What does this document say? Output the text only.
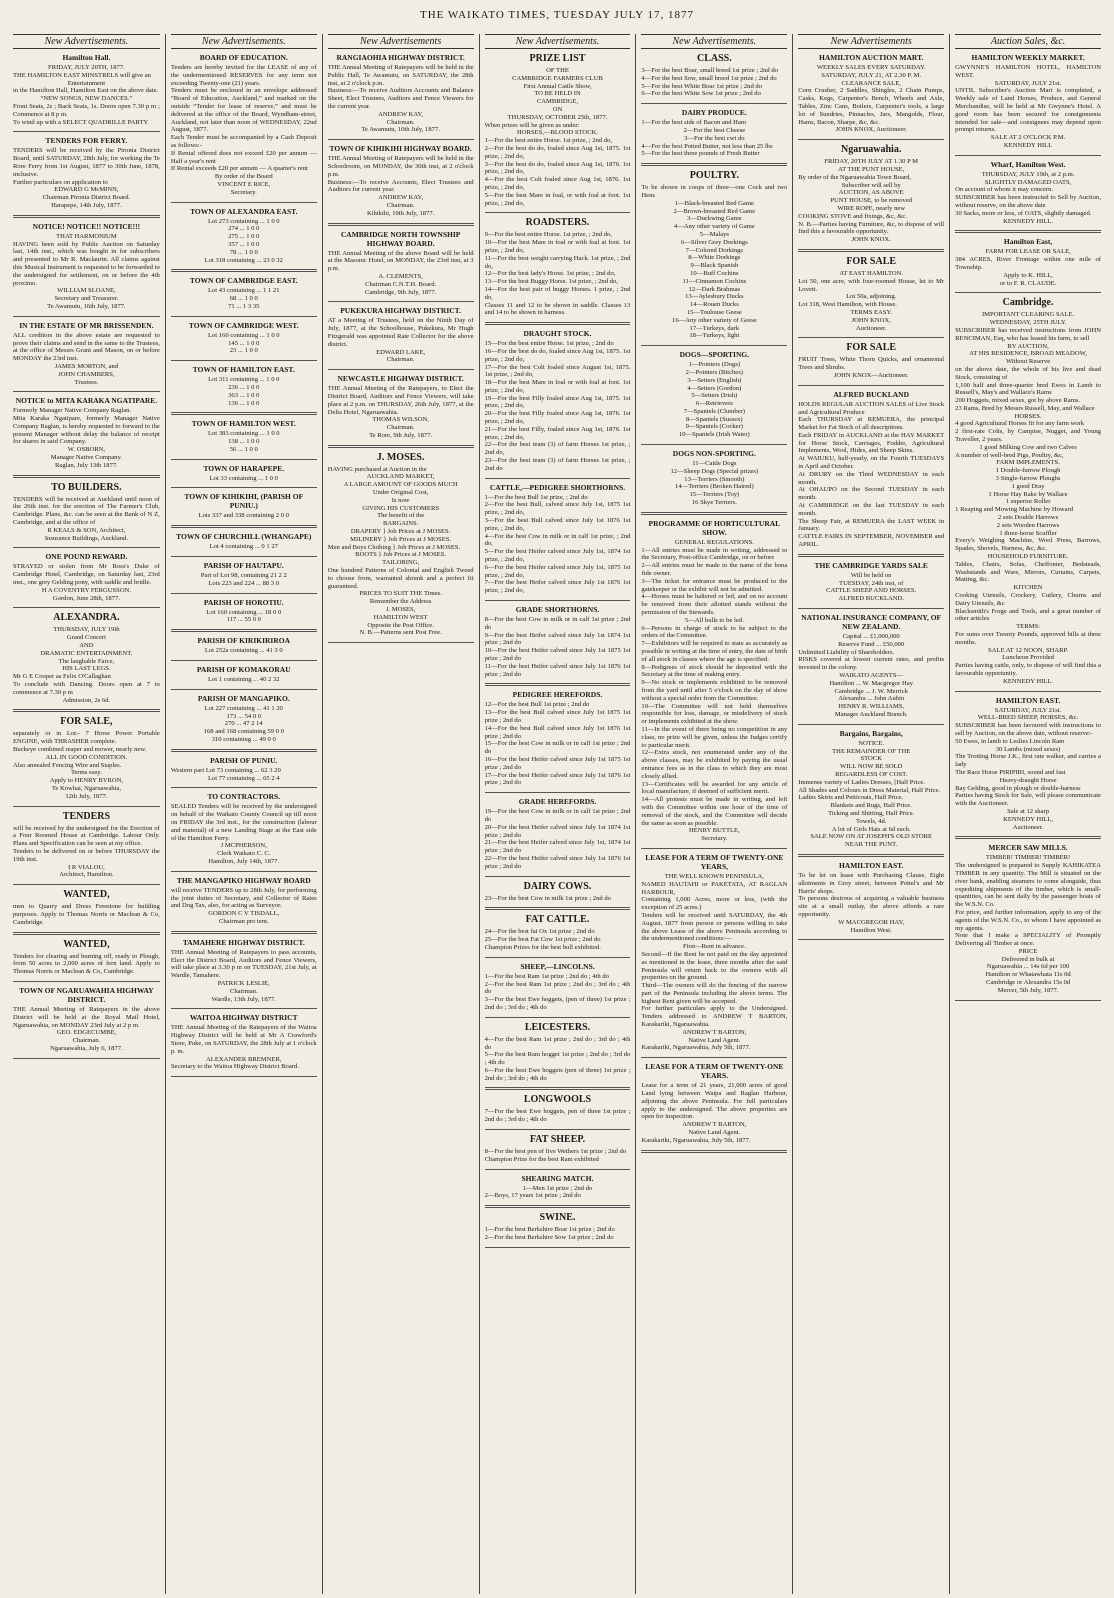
THE WAIKATO TIMES, TUESDAY JULY 17, 1877
New Advertisements.
Hamilton Hall.
FRIDAY, JULY 20TH, 1877.
THE HAMILTON EAST MINSTRELS will give an
Entertainment
in the Hamilton Hall, Hamilton East on the above date.
“NEW SONGS, NEW DANCES.”
Front Seats, 2s ; Back Seats, 1s. Doors open 7.30 p m ; Commence at 8 p m.
To wind up with a SELECT QUADRILLE PARTY
TENDERS FOR FERRY.
TENDERS will be received by the Pironia District Board, until SATURDAY, 28th July, for working the Te Rore Ferry from 1st August, 1877 to 30th June, 1878, inclusive.
Further particulars on application to
EDWARD G McMINN,
Chairman Pironia District Board.
Harapepe, 14th July, 1877.
NOTICE! NOTICE!! NOTICE!!!
THAT HARMONIUM
HAVING been sold by Public Auction on Saturday last, 14th inst., which was bought in for subscribers and presented to Mr R. Maclaurin. All claims against this Musical Instrument is requested to be forwarded to the undersigned for settlement, on or before the 4th proximo.
WILLIAM SLOANE,
Secretary and Treasurer.
Te Awamutu, 16th July, 1877.
IN THE ESTATE OF MR BRISSENDEN.
ALL creditors in the above estate are requested to prove their claims and send in the same to the Trustees, at the office of Messrs Grant and Mason, on or before MONDAY the 23rd inst.
JAMES MORTON, and
JOHN CHAMBERS,
Trustees.
NOTICE to MITA KARAKA NGATIPARE.
Formerly Manager Native Company Raglan.
Mita Karaka Ngatipare, formerly Manager Native Company Raglan, is hereby requested to forward to the present Manager without delay the balance of receipt for shares in said Company.
W. OSBORN,
Manager Native Company.
Raglan, July 13th 1877.
TO BUILDERS.
TENDERS will be received at Auckland until noon of the 26th inst. for the erection of The Farmer's Club, Cambridge. Plans, &c. can be seen at the Bank of N Z, Cambridge, and at the office of
R KEALS & SON, Architect,
Insurance Buildings, Auckland.
ONE POUND REWARD.
STRAYED or stolen from Mr Ross's Duke of Cambridge Hotel, Cambridge, on Saturday last, 23rd inst., one grey Gelding pony, with saddle and bridle.
H A COVENTRY FERGUSSON.
Gordon, June 28th, 1877.
ALEXANDRA.
THURSDAY, JULY 19th
Grand Concert
AND
DRAMATIC ENTERTAINMENT.
The laughable Farce,
HIS LAST LEGS.
Mr G E Cooper as Felix O'Callaghan
To conclude with Dancing. Doors open at 7 to commence at 7.30 p m
Admission, 2s 6d.
FOR SALE,
separately or in Lot:- 7 Horse Power Portable ENGINE, with THRASHER complete.
Buckeye combined reaper and mower, nearly new.
ALL IN GOOD CONDITION.
Also annealed Fencing Wire and Staples.
Terms easy.
Apply to HENRY BYRON,
Te Kowhai, Ngaruawahia,
12th July, 1877.
TENDERS
will be received by the undersigned for the Erection of a Four Roomed House at Cambridge. Labour Only. Plans and Specification can be seen at my office.
Tenders to be delivered on or before THURSDAY the 19th inst.
I R VIALOU,
Architect, Hamilton.
WANTED,
men to Quarry and Dress Freestone for building purposes. Apply to Thomas Norris or Maclean & Co, Cambridge.
WANTED,
Tenders for clearing and burning off, ready to Plough, from 50 acres to 2,000 acres of fern land. Apply to Thomas Norris or Maclean & Co, Cambridge.
TOWN OF NGARUAWAHIA HIGHWAY DISTRICT.
THE Annual Meeting of Ratepayers in the above District will be held at the Royal Mail Hotel, Ngaruawahia, on MONDAY 23rd July at 2 p m.
GEO. EDGECUMBE,
Chairman.
Ngaruawahia, July 6, 1877.
New Advertisements.
BOARD OF EDUCATION.
Tenders are hereby invited for the LEASE of any of the undermentioned RESERVES for any term not exceeding Twenty-one (21) years.
Tenders must be enclosed in an envelope addressed “Board of Education, Auckland,” and marked on the outside “Tender for lease of reserve,” and must be delivered at the office of the Board, Wyndham-street, Auckland, not later than noon of WEDNESDAY, 22nd August, 1877.
Each Tender must be accompanied by a Cash Deposit as follows:-
If Rental offered does not exceed £20 per annum — Half a year's rent
If Rental exceeds £20 per annum — A quarter's rent
By order of the Board
VINCENT E RICE,
Secretary.
TOWN OF ALEXANDRA EAST.
Lot 273 containing ... 1 0 0
274 ... 1 0 0
275 ... 1 0 0
357 ... 1 0 0
78 ... 1 0 0
Lot 318 containing ... 23 0 32
TOWN OF CAMBRIDGE EAST.
Lot 43 containing ... 1 1 21
68 ... 1 0 0
71 ... 1 3 35
TOWN OF CAMBRIDGE WEST.
Lot 160 containing ... 1 0 0
145 ... 1 0 0
23 ... 1 0 0
TOWN OF HAMILTON EAST.
Lot 311 containing ... 1 0 0
236 ... 1 0 0
363 ... 1 0 0
136 ... 1 0 0
TOWN OF HAMILTON WEST.
Lot 383 containing ... 1 0 0
138 ... 1 0 0
56 ... 1 0 0
TOWN OF HARAPEPE.
Lot 33 containing ... 1 0 0
TOWN OF KIHIKIHI, (PARISH OF PUNIU.)
Lots 337 and 338 containing 2 0 0
TOWN OF CHURCHILL (WHANGAPE)
Lot 4 containing ... 0 1 27
PARISH OF HAUTAPU.
Part of Lot 98, containing 21 2 2
Lots 223 and 224 ... 88 3 0
PARISH OF HOROTIU.
Lot 160 containing ... 18 0 0
117 ... 55 0 0
PARISH OF KIRIKIRIROA
Lot 252a containing ... 41 3 0
PARISH OF KOMAKORAU
Lot 1 containing ... 40 2 32
PARISH OF MANGAPIKO.
Lot 227 containing ... 41 1 20
173 ... 54 0 0
270 ... 47 2 14
168 and 168 containing 59 0 0
310 containing ... 49 0 0
PARISH OF PUNIU.
Western part Lot 73 containing ... 62 3 20
Lot 77 containing ... 65 2 4
TO CONTRACTORS.
SEALED Tenders will be received by the undersigned on behalf of the Waikato County Council up till noon on FRIDAY the 3rd inst., for the construction (labour and material) of a new Landing Stage at the East side of the Hamilton Ferry.
J MCPHERSON,
Clerk Waikato C. C.
Hamilton, July 14th, 1877.
THE MANGAPIKO HIGHWAY BOARD
will receive TENDERS up to 28th July, for performing the joint duties of Secretary, and Collector of Rates and Dog Tax, also, for acting as Surveyor.
GORDON C V TISDALL,
Chairman pro tem.
TAMAHERE HIGHWAY DISTRICT.
THE Annual Meeting of Ratepayers to pass accounts, Elect the District Board, Auditors and Fence Viewers, will take place at 3.30 p m on TUESDAY, 21st July, at Wardle, Tamahere.
PATRICK LESLIE,
Chairman.
Wardle, 13th July, 1877.
WAITOA HIGHWAY DISTRICT
THE Annual Meeting of the Ratepayers of the Waitoa Highway District will be held at Mr A Crawford's Store, Puke, on SATURDAY, the 28th July at 1 o'clock p. m.
ALEXANDER BREMNER,
Secretary to the Waitoa Highway District Board.
New Advertisements
RANGIAOHIA HIGHWAY DISTRICT.
THE Annual Meeting of Ratepayers will be held in the Public Hall, Te Awamutu, on SATURDAY, the 28th inst, at 2 o'clock p.m.
Business:—To receive Auditors Accounts and Balance Sheet, Elect Trustees, Auditors and Fence Viewers for the current year.
ANDREW KAY,
Chairman.
Te Awamutu, 10th July, 1877.
TOWN OF KIHIKIHI HIGHWAY BOARD.
THE Annual Meeting of Ratepayers will be held in the Schoolroom, on MONDAY, the 30th inst, at 2 o'clock p.m.
Business:—To receive Accounts, Elect Trustees and Auditors for current year.
ANDREW KAY,
Chairman.
Kihikihi, 10th July, 1877.
CAMBRIDGE NORTH TOWNSHIP HIGHWAY BOARD.
THE Annual Meeting of the above Board will be held at the Masonic Hotel, on MONDAY, the 23rd inst, at 3 p.m.
A. CLEMENTS,
Chairman C.N.T.H. Board.
Cambridge, 9th July, 1877.
PUKEKURA HIGHWAY DISTRICT.
AT a Meeting of Trustees, held on the Ninth Day of July, 1877, at the Schoolhouse, Pukekura, Mr Hugh Fitzgerald was appointed Rate Collector for the above district.
EDWARD LAKE,
Chairman.
NEWCASTLE HIGHWAY DISTRICT.
THE Annual Meeting of the Ratepayers, to Elect the District Board, Auditors and Fence Viewers, will take place at 2 p.m. on THURSDAY, 26th July, 1877, at the Delta Hotel, Ngaruawahia.
THOMAS WILSON,
Chairman.
Te Rore, 9th July, 1877.
J. MOSES.
HAVING purchased at Auction in the
AUCKLAND MARKET,
A LARGE AMOUNT OF GOODS MUCH
Under Original Cost,
Is now
GIVING HIS CUSTOMERS
The benefit of the
BARGAINS.
DRAPERY } Job Prices at J MOSES.
MILINERY } Job Prices at J MOSES.
Men and Boys Clothing } Job Prices at J MOSES.
BOOTS } Job Prices at J MOSES.
TAILORING,
One hundred Patterns of Colonial and English Tweed to choose from, warranted shrunk and a perfect fit guaranteed.
PRICES TO SUIT THE Times.
Remember the Address
J. MOSES,
HAMILTON WEST
Opposite the Post Office.
N. B.—Patterns sent Post Free.
New Advertisements.
PRIZE LIST
OF THE
CAMBRIDGE FARMERS CLUB
First Annual Cattle Show,
TO BE HELD IN
CAMBRIDGE,
ON
THURSDAY, OCTOBER 25th, 1877.
When prizes will be given as under:
HORSES,—BLOOD STOCK.
1—For the best entire Horse. 1st prize, ; 2nd do,
2—For the best do do, foaled since Aug 1st, 1875. 1st prize, ; 2nd do,
3—For the best do do, foaled since Aug 1st, 1876. 1st prize, ; 2nd do,
4—For the best Colt foaled since Aug 1st, 1876. 1st prize, ; 2nd do,
5—For the best Mare in foal, or with foal at foot. 1st prize, ; 2nd do,
ROADSTERS.
9—For the best entire Horse. 1st prize, ; 2nd do,
10—For the best Mare in foal or with foal at foot. 1st prize, ; 2nd do,
11—For the best weight carrying Hack. 1st prize, ; 2nd do,
12—For the best lady's Horse. 1st prize, ; 2nd do,
13—For the best Buggy Horse. 1st prize, ; 2nd do,
14—For the best pair of buggy Horses. 1 prize, ; 2nd do,
Classes 11 and 12 to be shown in saddle. Classes 13 and 14 to be shown in harness.
DRAUGHT STOCK.
15—For the best entire Horse. 1st prize, ; 2nd do
16—For the best do do, foaled since Aug 1st, 1875. 1st prize, ; 2nd do,
17—For the best Colt foaled since August 1st, 1875. 1st prize, ; 2nd do,
18—For the best Mare in foal or with foal at foot. 1st prize, ; 2nd do,
19—For the best Filly foaled since Aug 1st, 1875. 1st prize, ; 2nd do,
20—For the best Filly foaled since Aug 1st, 1876. 1st prize, ; 2nd do,
21—For the best Filly, foaled since Aug 1st, 1876. 1st prize, ; 2nd do,
22—For the best team (3) of farm Horses 1st prize, ; 2nd do,
23—For the best team (3) of farm Horses 1st prize, ; 2nd do
CATTLE,—PEDIGREE SHORTHORNS.
1—For the best Bull 1st prize, ; 2nd do
2—For the best Bull, calved since July 1st, 1875 1st prize, ; 2nd do,
3—For the best Bull calved since July 1st 1876 1st prize, ; 2nd do,
4—For the best Cow in milk or in calf 1st prize, ; 2nd do,
5—For the best Heifer calved since July 1st, 1874 1st prize, ; 2nd do,
6—For the best Heifer calved since July 1st, 1875 1st prize, ; 2nd do,
7—For the best Heifer calved since July 1st 1876 1st prize, ; 2nd do,
GRADE SHORTHORNS.
8—For the best Cow in milk or in calf 1st prize ; 2nd do
9—For the best Heifer calved since July 1st 1874 1st prize ; 2nd do
10—For the best Heifer calved since July 1st 1875 1st prize ; 2nd do
11—For the best Heifer calved since July 1st 1876 1st prize ; 2nd do
PEDIGREE HEREFORDS.
12—For the best Bull 1st prize ; 2nd do
13—For the best Bull calved since July 1st 1875 1st prize ; 2nd do
14—For the best Bull calved since July 1st 1876 1st prize ; 2nd do
15—For the best Cow in milk or in calf 1st prize ; 2nd do
16—For the best Heifer calved since July 1st 1875 1st prize ; 2nd do
17—For the best Heifer calved since July 1st 1876 1st prize ; 2nd do
GRADE HEREFORDS.
19—For the best Cow in milk or in calf 1st prize ; 2nd do
20—For the best Heifer calved since July 1st 1874 1st prize ; 2nd do
21—For the best Heifer calved since July 1st, 1874 1st prize ; 2nd do
22—For the best Heifer calved since July 1st 1876 1st prize ; 2nd do
DAIRY COWS.
23—For the best Cow in milk 1st prize ; 2nd do
FAT CATTLE.
24—For the best fat Ox 1st prize ; 2nd do
25—For the best Fat Cow 1st prize ; 2nd do
Champion Prizes for the best bull exhibited.
SHEEP,—LINCOLNS.
1—For the best Ram 1st prize ; 2nd do ; 4th do
2—For the best Ram 1st prize ; 2nd do ; 3rd do ; 4th do
3—For the best Ewe hoggets, (pen of three) 1st prize ; 2nd do ; 3rd do ; 4th do
LEICESTERS.
4—For the best Ram 1st prize ; 2nd do ; 3rd do ; 4th do
5—For the best Ram hogget 1st prize ; 2nd do ; 3rd do ; 4th do
6—For the best Ewe hoggets (pen of three) 1st prize ; 2nd do ; 3rd do ; 4th do
LONGWOOLS
7—For the best Ewe hoggets, pen of three 1st prize ; 2nd do ; 3rd do ; 4th do
FAT SHEEP.
8—For the best pen of five Wethers 1st prize ; 2nd do
Champion Prize for the best Ram exhibited
SHEARING MATCH.
1—Men 1st prize ; 2nd do
2—Boys, 17 years 1st prize ; 2nd do
SWINE.
1—For the best Berkshire Boar 1st prize ; 2nd do
2—For the best Berkshire Sow 1st prize ; 2nd do
New Advertisements.
CLASS.
3—For the best Boar, small breed 1st prize ; 2nd do
4—For the best Sow, small breed 1st prize ; 2nd do
5—For the best White Boar 1st prize ; 2nd do
6—For the best White Sow 1st prize ; 2nd do
DAIRY PRODUCE.
1—For the best side of Bacon and Ham
2—For the best Cheese
3—For the best cwt do
4—For the best Potted Butter, not less than 25 lbs
5—For the best three pounds of Fresh Butter
POULTRY.
To be shown in coops of three—one Cock and two Hens
1—Black-breasted Red Game
2—Brown-breasted Red Game
3—Duckwing Game
4—Any other variety of Game
5—Malays
6—Silver Grey Dorkings
7—Colored Dorkings
8—White Dorkings
9—Black Spanish
10—Buff Cochins
11—Cinnamon Cochins
12—Dark Brahmas
13—Aylesbury Ducks
14—Rouen Ducks
15—Toulouse Geese
16—Any other variety of Geese
17—Turkeys, dark
18—Turkeys, light
DOGS—SPORTING.
1—Pointers (Dogs)
2—Pointers (Bitches)
3—Setters (English)
4—Setters (Gordon)
5—Setters (Irish)
6—Retrievers
7—Spaniels (Clumber)
8—Spaniels (Sussex)
9—Spaniels (Cocker)
10—Spaniels (Irish Water)
DOGS NON-SPORTING.
11—Cattle Dogs
12—Sheep Dogs (Special prizes)
13—Terriers (Smooth)
14—Terriers (Broken Haired)
15—Terriers (Toy)
16 Skye Terriers.
PROGRAMME OF HORTICULTURAL SHOW.
GENERAL REGULATIONS.
1—All entries must be made in writing, addressed to the Secretary, Post-office Cambridge, on or before
2—All entries must be made in the name of the bona fide owner.
3—The ticket for entrance must be produced to the gatekeeper or the exhibit will not be admitted.
4—Horses must be haltered or led, and on no account be removed from their allotted stands without the permission of the Stewards.
5—All bulls to be led.
6—Persons in charge of stock to be subject to the orders of the Committee.
7—Exhibitors will be required to state as accurately as possible in writing at the time of entry, the date of birth of all stock in classes where the age is specified.
8—Pedigrees of stock should be deposited with the Secretary at the time of making entry.
9—No stock or implements exhibited to be removed from the yard until after 5 o'clock on the day of show without a special order from the Committee.
10—The Committee will not hold themselves responsible for loss, damage, or misdelivery of stock or implements exhibited at the show.
11—In the event of there being no competition in any class, no prize will be given, unless the Judges certify to particular merit.
12—Extra stock, not enumerated under any of the above classes, may be exhibited by paying the usual entrance fees as in the class to which they are most closely allied.
13—Certificates will be awarded for any article of local manufacture, if deemed of sufficient merit.
14—All protests must be made in writing, and left with the Committee within one hour of the time of removal of the stock, and the Committee will decide the same as soon as possible.
HENRY BUTTLE,
Secretary.
LEASE FOR A TERM OF TWENTY-ONE YEARS,
THE WELL KNOWN PENINSULA,
NAMED HAUTAHI or PAKETATA, AT RAGLAN HARBOUR,
Containing 1,000 Acres, more or less, (with the exception of 25 acres.)
Tenders will be received until SATURDAY, the 4th August, 1877 from person or persons willing to take the above Lease of the above Peninsula according to the undermentioned conditions:—
First—Rent in advance.
Second—If the Rent be not paid on the day appointed as mentioned in the lease, three months after the said Peninsula will return back to the owners with all properties on the ground.
Third—The owners will do the fencing of the narrow part of the Peninsula including the above terms. The highest Rent given will be accepted.
For further particulars apply to the Undersigned. Tenders addressed to ANDREW T BARTON, Karakariki, Ngaruawahia.
ANDREW T BARTON,
Native Land Agent.
Karakariki, Ngaruawahia, July 5th, 1877.
LEASE FOR A TERM OF TWENTY-ONE YEARS.
Lease for a term of 21 years, 21,000 acres of good Land lying between Waipa and Raglan Harbour, adjoining the above Peninsula. For full particulars apply to the undersigned. The above properties are open for inspection.
ANDREW T BARTON,
Native Land Agent.
Karakariki, Ngaruawahia, July 5th, 1877.
New Advertisements
HAMILTON AUCTION MART.
WEEKLY SALES EVERY SATURDAY.
SATURDAY, JULY 21, AT 2.30 P. M.
CLEARANCE SALE,
Corn Crusher, 2 Saddles, Shingles, 2 Chain Pumps, Casks, Kegs, Carpenter's Bench, Wheels and Axle, Tables, Zinc Cans, Boilers, Carpenter's tools, a large lot of Sundries, Pinnacles, Jars, Mangolds, Flour, Hams, Bacon, Sharpe, &c, &c.
JOHN KNOX, Auctioneer.
Ngaruawahia.
FRIDAY, 20TH JULY AT 1.30 P M
AT THE PUNT HOUSE,
By order of the Ngaruawahia Town Board,
Subscriber will sell by
AUCTION, AS ABOVE
PUNT HOUSE, to be removed
WIRE ROPE, nearly new
COOKING STOVE and fixings, &c, &c.
N. B.—Parties having Furniture, &c, to dispose of will find this a favourable opportunity.
JOHN KNOX.
FOR SALE
AT EAST HAMILTON.
Lot 50, one acre, with four-roomed House, let to Mr Lovett.
Lot 50a, adjoining.
Lot 318, West Hamilton, with House.
TERMS EASY.
JOHN KNOX,
Auctioneer.
FOR SALE
FRUIT Trees, White Thorn Quicks, and ornamental Trees and Shrubs.
JOHN KNOX—Auctioneer.
ALFRED BUCKLAND
HOLDS REGULAR AUCTION SALES of Live Stock and Agricultural Produce
Each THURSDAY at REMUERA, the principal Market for Fat Stock of all descriptions.
Each FRIDAY in AUCKLAND at the HAY MARKET for Horse Stock, Carriages, Fodder, Agricultural Implements, Wool, Hides, and Sheep Skins.
At WAIUKU, half-yearly, on the Fourth TUESDAYS in April and October.
At DRURY on the Third WEDNESDAY in each month.
At OHAUPO on the Second TUESDAY in each month.
At CAMBRIDGE on the last TUESDAY in each month.
The Sheep Fair, at REMUERA the LAST WEEK in January.
CATTLE FAIRS IN SEPTEMBER, NOVEMBER and APRIL.
THE CAMBRIDGE YARDS SALE
Will be held on
TUESDAY, 24th inst, of
CATTLE SHEEP AND HORSES.
ALFRED BUCKLAND.
NATIONAL INSURANCE COMPANY, OF NEW ZEALAND.
Capital ... £1,000,000
Reserve Fund ... £50,000
Unlimited Liability of Shareholders.
RISKS covered at lowest current rates, and profits invested in the colony.
WAIKATO AGENTS—
Hamilton ... W. Macgregor Hay
Cambridge ... J. W. Merrick
Alexandra ... John Aubin
HENRY R. WILLIAMS,
Manager Auckland Branch.
Bargains, Bargains,
NOTICE.
THE REMAINDER OF THE
STOCK
WILL NOW BE SOLD
REGARDLESS OF COST.
Immense variety of Ladies Dresses, [Half Price.
All Shades and Colours in Dress Material, Half Price.
Ladies Skirts and Petticoats, Half Price.
Blankets and Rugs, Half Price.
Ticking and Shirting, Half Price.
Towels, 4d.
A lot of Girls Hats at 6d each.
SALE NOW ON AT JOSEPH'S OLD STORE
NEAR THE PUNT.
HAMILTON EAST.
To be let on lease with Purchasing Clause, Eight allotments in Grey street, between Pottel's and Mr Harris' shops.
To persons desirous of acquiring a valuable business site at a small outlay, the above affords a rare opportunity.
W MACGREGOR HAY,
Hamilton West.
Auction Sales, &c.
HAMILTON WEEKLY MARKET.
GWYNNE'S HAMILTON HOTEL, HAMILTON WEST.
SATURDAY, JULY 21st.
UNTIL Subscriber's Auction Mart is completed, a Weekly sale of Land Horses, Produce, and General Merchandise, will be held at Mr Gwynne's Hotel. A good room has been secured for consignments intended for sale—and consignees may depend upon prompt returns.
SALE AT 2 O'CLOCK P.M.
KENNEDY HILL
Wharf, Hamilton West.
THURSDAY, JULY 19th, at 2 p.m.
SLIGHTLY DAMAGED OATS,
On account of whom it may concern.
SUBSCRIBER has been instructed to Sell by Auction, without reserve, on the above date
30 Sacks, more or less, of OATS, slightly damaged.
KENNEDY HILL.
Hamilton East,
FARM FOR LEASE OR SALE,
384 ACRES, River Frontage within one mile of Township.
Apply to K. HILL,
or to F. R. CLAUDE.
Cambridge.
IMPORTANT CLEARING SALE.
WEDNESDAY, 25TH JULY.
SUBSCRIBER has received instructions from JOHN RENCIMAN, Esq, who has leased his farm, to sell
BY AUCTION,
AT HIS RESIDENCE, BROAD MEADOW,
Without Reserve
on the above date, the whole of his live and dead Stock, consisting of
1,100 half and three-quarter bred Ewes in Lamb to Russell's, May's and Wallace's Rams
200 Hoggets, mixed sexes, got by above Rams.
23 Rams, Bred by Messrs Russell, May, and Wallace
HORSES.
4 good Agricultural Horses fit for any farm work
2 first-rate Colts, by Campise, Nugget, and Young Traveller, 2 years.
1 good Milking Cow and two Calves
A number of well-bred Pigs, Poultry, &c,
FARM IMPLEMENTS.
1 Double-furrow Plough
3 Single-furrow Ploughs
1 good Dray
1 Horse Hay Rake by Wallace
1 superior Roller
1 Reaping and Mowing Machine by Howard
2 sets Double Harrows
2 sets Wooden Harrows
1 three-horse Scuffler
Every's Weighing Machine, Wool Press, Barrows, Spades, Shovels, Harness, &c, &c.
HOUSEHOLD FURNITURE.
Tables, Chairs, Sofas, Cheffonier, Bedsteads, Washstands and Ware, Mirrors, Curtains, Carpets, Matting, &c.
KITCHEN
Cooking Utensils, Crockery, Cutlery, Churns and Dairy Utensils, &c
Blacksmith's Forge and Tools, and a great number of other articles
TERMS:
For sums over Twenty Pounds, approved bills at three months.
SALE AT 12 NOON, SHARP.
Luncheon Provided
Parties having cattle, only, to dispose of will find this a favourable opportunity.
KENNEDY HILL.
HAMILTON EAST.
SATURDAY, JULY 21st.
WELL-BRED SHEEP, HORSES, &c.
SUBSCRIBER has been favoured with instructions to sell by Auction, on the above date, without reserve:-
50 Ewes, in lamb to Leslies Lincoln Ram
30 Lambs (mixed sexes)
The Trotting Horse J.K., first rate walker, and carries a lady
The Race Horse PIRIPIRI, sound and fast
Heavy-draught Horse
Bay Gelding, good in plough or double-harness
Parties having Stock for Sale, will please communicate with the Auctioneer.
Sale at 12 sharp
KENNEDY HILL,
Auctioneer.
MERCER SAW MILLS.
TIMBER! TIMBER! TIMBER!
The undersigned is prepared to Supply KAHIKATEA TIMBER in any quantity. The Mill is situated on the river bank, enabling steamers to come alongside, thus expediting shipments of the timber, which is small-quantities, can be sent daily by the passenger boats of the W.S.N. Co.
For price, and further information, apply to any of the agents of the W.S.N. Co., to whom I have appointed as my agents.
Note that I make a SPECIALITY of Promptly Delivering all Timber at once.
PRICE
Delivered in bulk at
Ngaruawahia ... 14s 6d per 100
Hamilton or Whatawhata 11s 0d
Cambridge or Alexandra 15s 0d
Mercer, 5th July, 1877.
